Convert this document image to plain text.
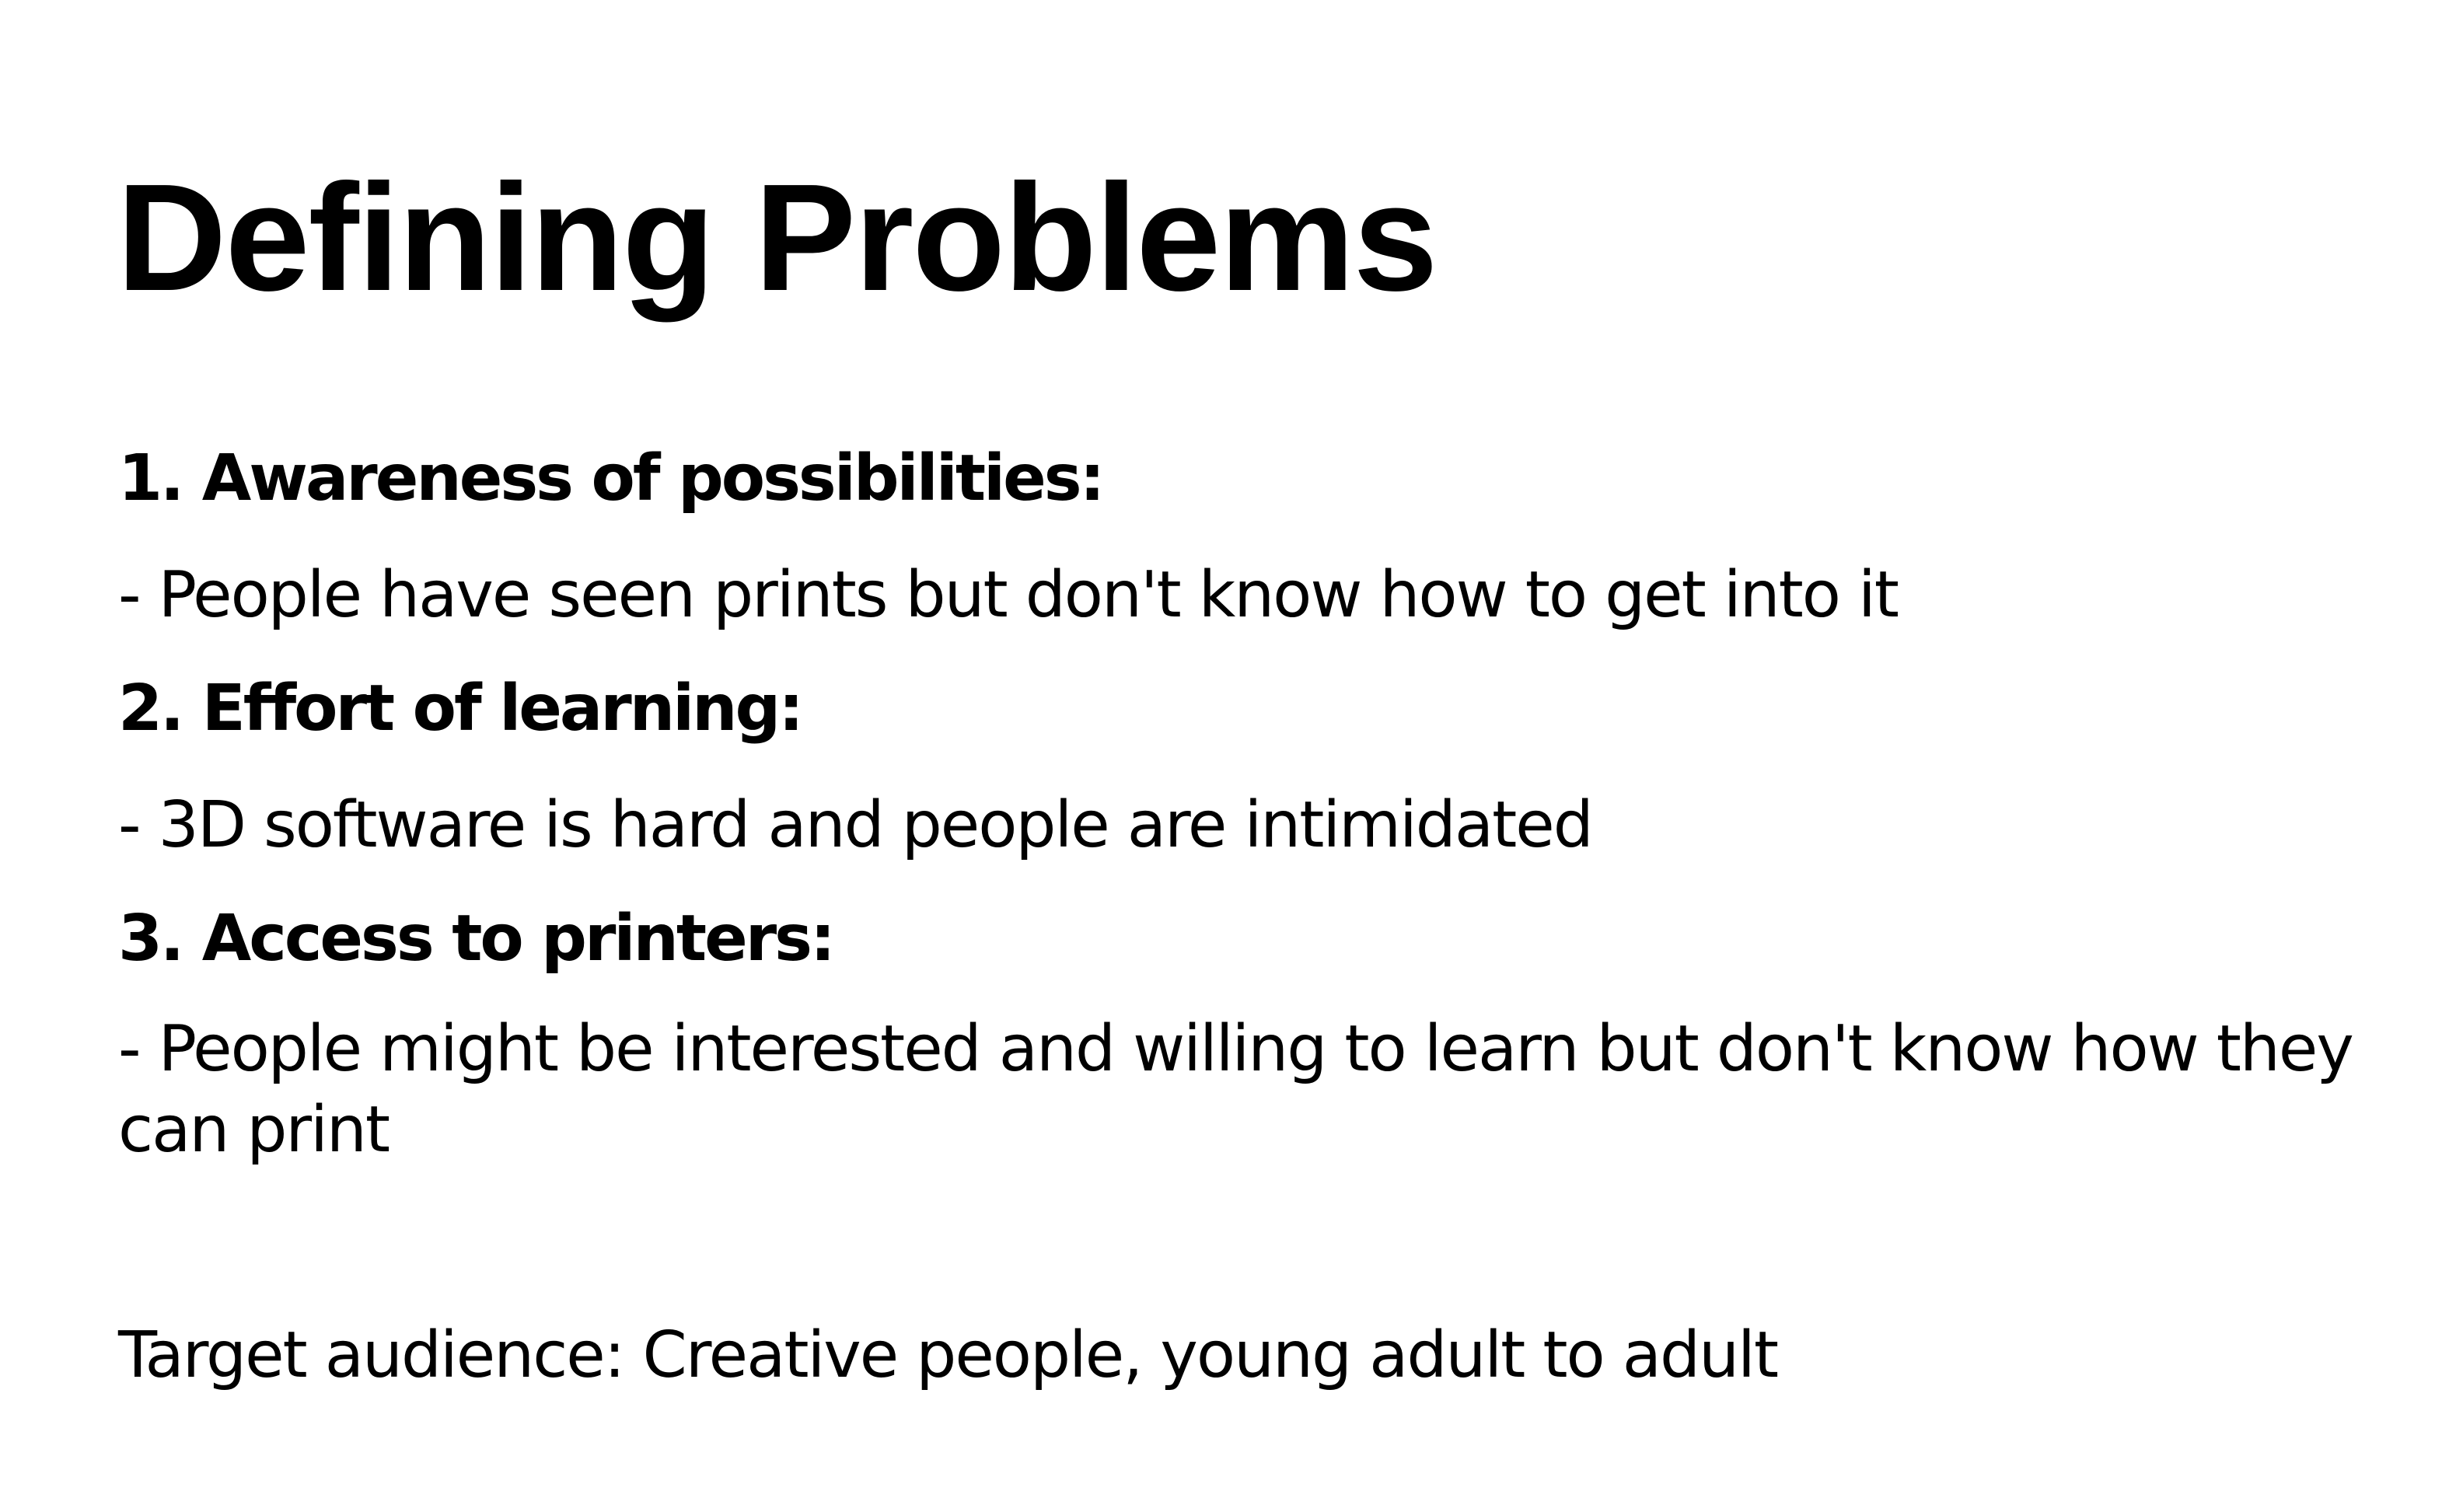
Defining Problems

1. Awareness of possibilities:

- People have seen prints but don't know how to get into it

2. Effort of learning:

- 3D software is hard and people are intimidated

3. Access to printers:

- People might be interested and willing to learn but don't know how they can print

Target audience: Creative people, young adult to adult
